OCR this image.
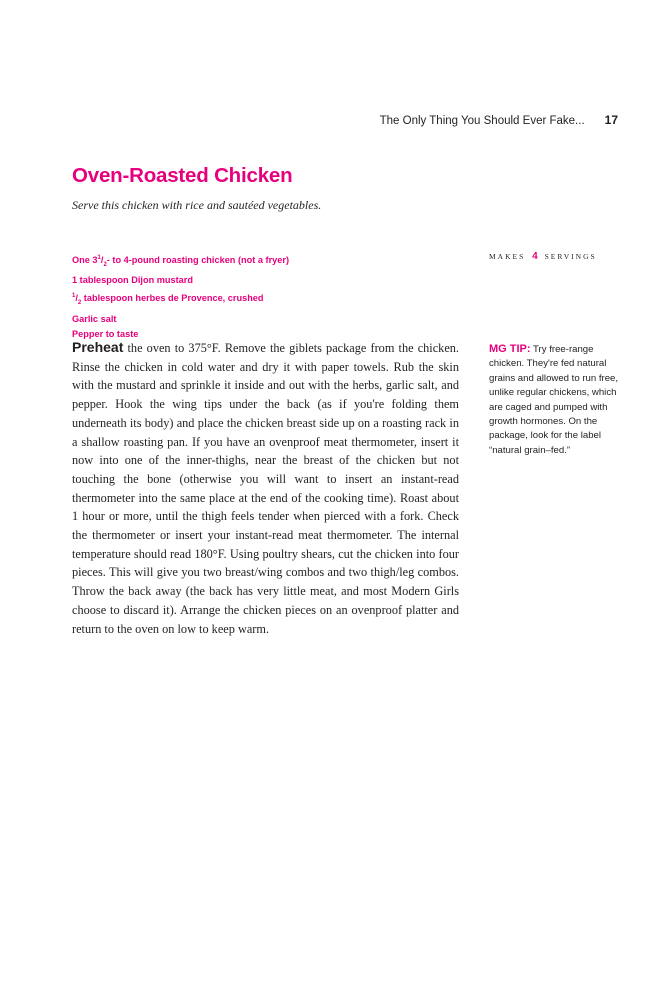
The Only Thing You Should Ever Fake... 17
Oven-Roasted Chicken

Serve this chicken with rice and sautéed vegetables.

One $3^1/_2-$ to 4-pound roasting chicken (not a fryer)
1 tablespoon Dijon mustard
$^1/_2$ tablespoon herbes de Provence, crushed
Garlic salt
Pepper to taste
MAKES 4 SERVINGS

Preheat the oven to 375°F. Remove the giblets package from the chicken. Rinse the chicken in cold water and dry it with paper towels. Rub the skin with the mustard and sprinkle it inside and out with the herbs, garlic salt, and pepper. Hook the wing tips under the back (as if you're folding them underneath its body) and place the chicken breast side up on a roasting rack in a shallow roasting pan. If you have an ovenproof meat thermometer, insert it now into one of the inner-thighs, near the breast of the chicken but not touching the bone (otherwise you will want to insert an instant-read thermometer into the same place at the end of the cooking time). Roast about 1 hour or more, until the thigh feels tender when pierced with a fork. Check the thermometer or insert your instant-read meat thermometer. The internal temperature should read 180°F. Using poultry shears, cut the chicken into four pieces. This will give you two breast/wing combos and two thigh/leg combos. Throw the back away (the back has very little meat, and most Modern Girls choose to discard it). Arrange the chicken pieces on an ovenproof platter and return to the oven on low to keep warm.

MG TIP: Try free-range chicken. They're fed natural grains and allowed to run free, unlike regular chickens, which are caged and pumped with growth hormones. On the package, look for the label “natural grain–fed.”
